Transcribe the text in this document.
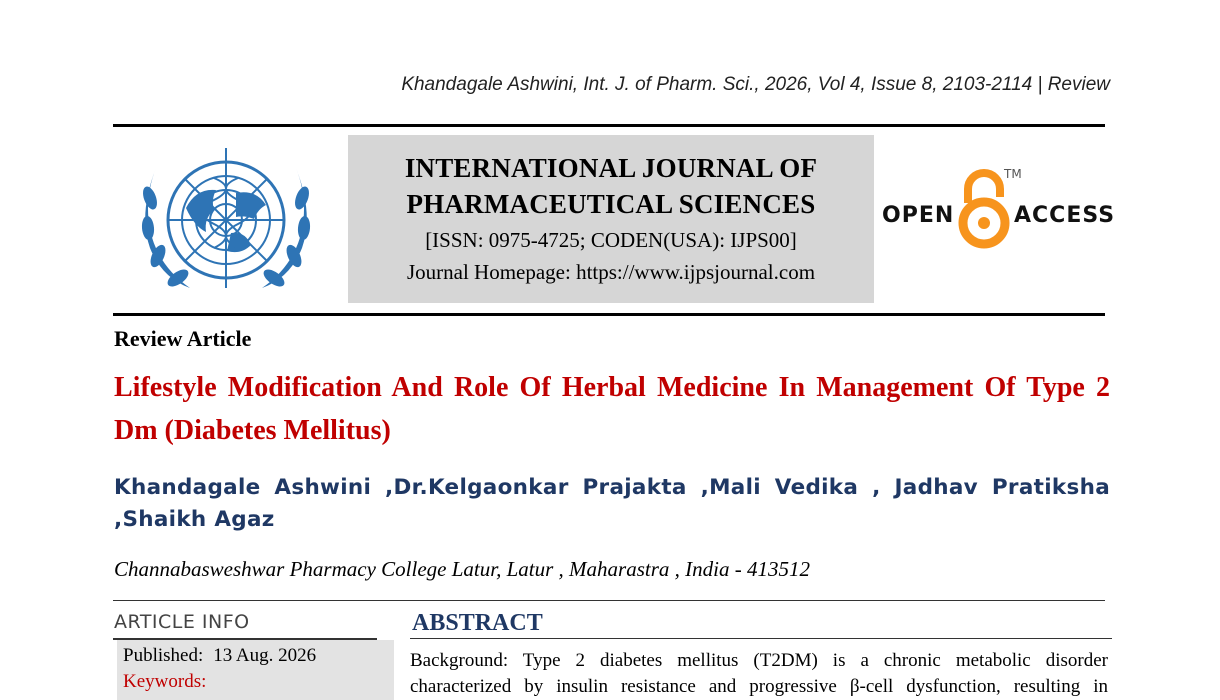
Khandagale Ashwini, Int. J. of Pharm. Sci., 2026, Vol 4, Issue 8, 2103-2114 | Review
INTERNATIONAL JOURNAL OF
PHARMACEUTICAL SCIENCES
[ISSN: 0975-4725; CODEN(USA): IJPS00]
Journal Homepage: https://www.ijpsjournal.com
OPEN
TM
ACCESS
Review Article
Lifestyle Modification And Role Of Herbal Medicine In Management Of Type 2 Dm (Diabetes Mellitus)
Khandagale Ashwini ,Dr.Kelgaonkar Prajakta ,Mali Vedika , Jadhav Pratiksha ,Shaikh Agaz
Channabasweshwar Pharmacy College Latur, Latur , Maharastra , India - 413512
ARTICLE INFO
Published: 13 Aug. 2026
Keywords:
ABSTRACT
Background: Type 2 diabetes mellitus (T2DM) is a chronic metabolic disorder characterized by insulin resistance and progressive β-cell dysfunction, resulting in
